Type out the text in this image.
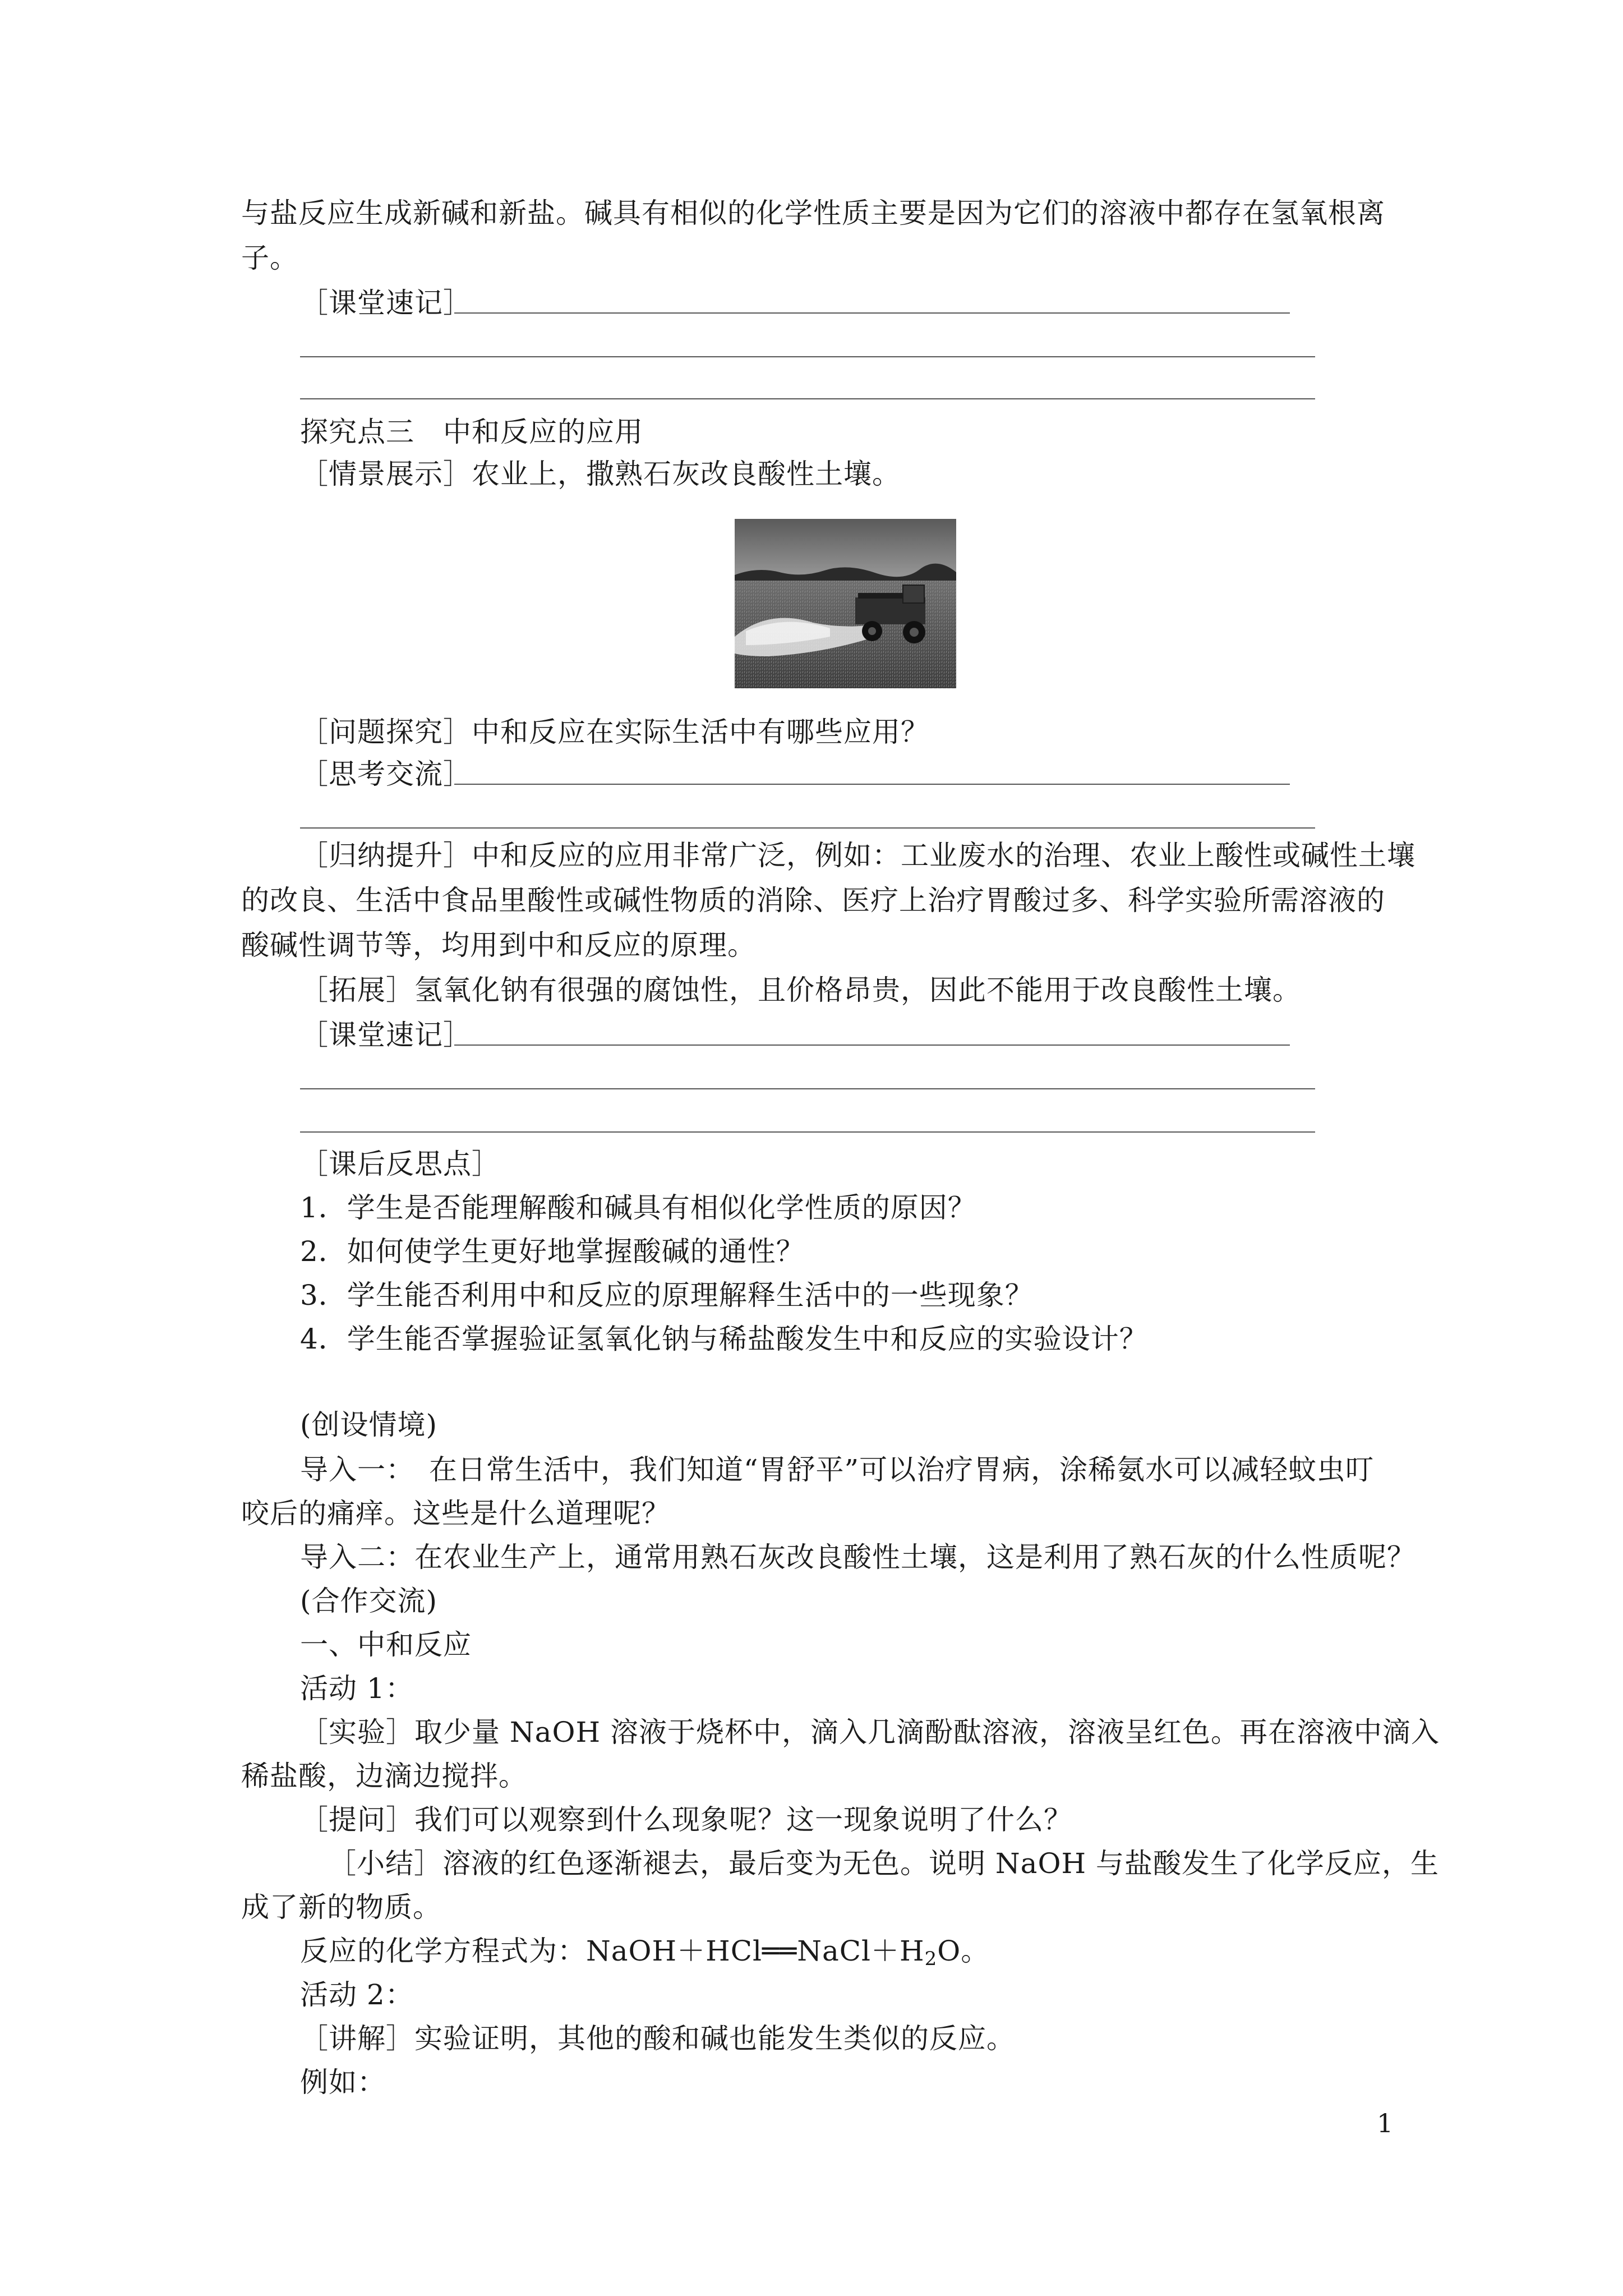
与盐反应生成新碱和新盐。碱具有相似的化学性质主要是因为它们的溶液中都存在氢氧根离
子。
［课堂速记］
探究点三　中和反应的应用
［情景展示］农业上，撒熟石灰改良酸性土壤。
［问题探究］中和反应在实际生活中有哪些应用？
［思考交流］
［归纳提升］中和反应的应用非常广泛，例如：工业废水的治理、农业上酸性或碱性土壤
的改良、生活中食品里酸性或碱性物质的消除、医疗上治疗胃酸过多、科学实验所需溶液的
酸碱性调节等，均用到中和反应的原理。
［拓展］氢氧化钠有很强的腐蚀性，且价格昂贵，因此不能用于改良酸性土壤。
［课堂速记］
［课后反思点］
1．学生是否能理解酸和碱具有相似化学性质的原因？
2．如何使学生更好地掌握酸碱的通性？
3．学生能否利用中和反应的原理解释生活中的一些现象？
4．学生能否掌握验证氢氧化钠与稀盐酸发生中和反应的实验设计？
(创设情境)
导入一：　在日常生活中，我们知道“胃舒平”可以治疗胃病，涂稀氨水可以减轻蚊虫叮
咬后的痛痒。这些是什么道理呢？
导入二：在农业生产上，通常用熟石灰改良酸性土壤，这是利用了熟石灰的什么性质呢？
(合作交流)
一、中和反应
活动 1：
［实验］取少量 NaOH 溶液于烧杯中，滴入几滴酚酞溶液，溶液呈红色。再在溶液中滴入
稀盐酸，边滴边搅拌。
［提问］我们可以观察到什么现象呢？这一现象说明了什么？
［小结］溶液的红色逐渐褪去，最后变为无色。说明 NaOH 与盐酸发生了化学反应，生
成了新的物质。
反应的化学方程式为：$NaOH+HCl══NaCl+H_2O$。
活动 2：
［讲解］实验证明，其他的酸和碱也能发生类似的反应。
例如：
1
